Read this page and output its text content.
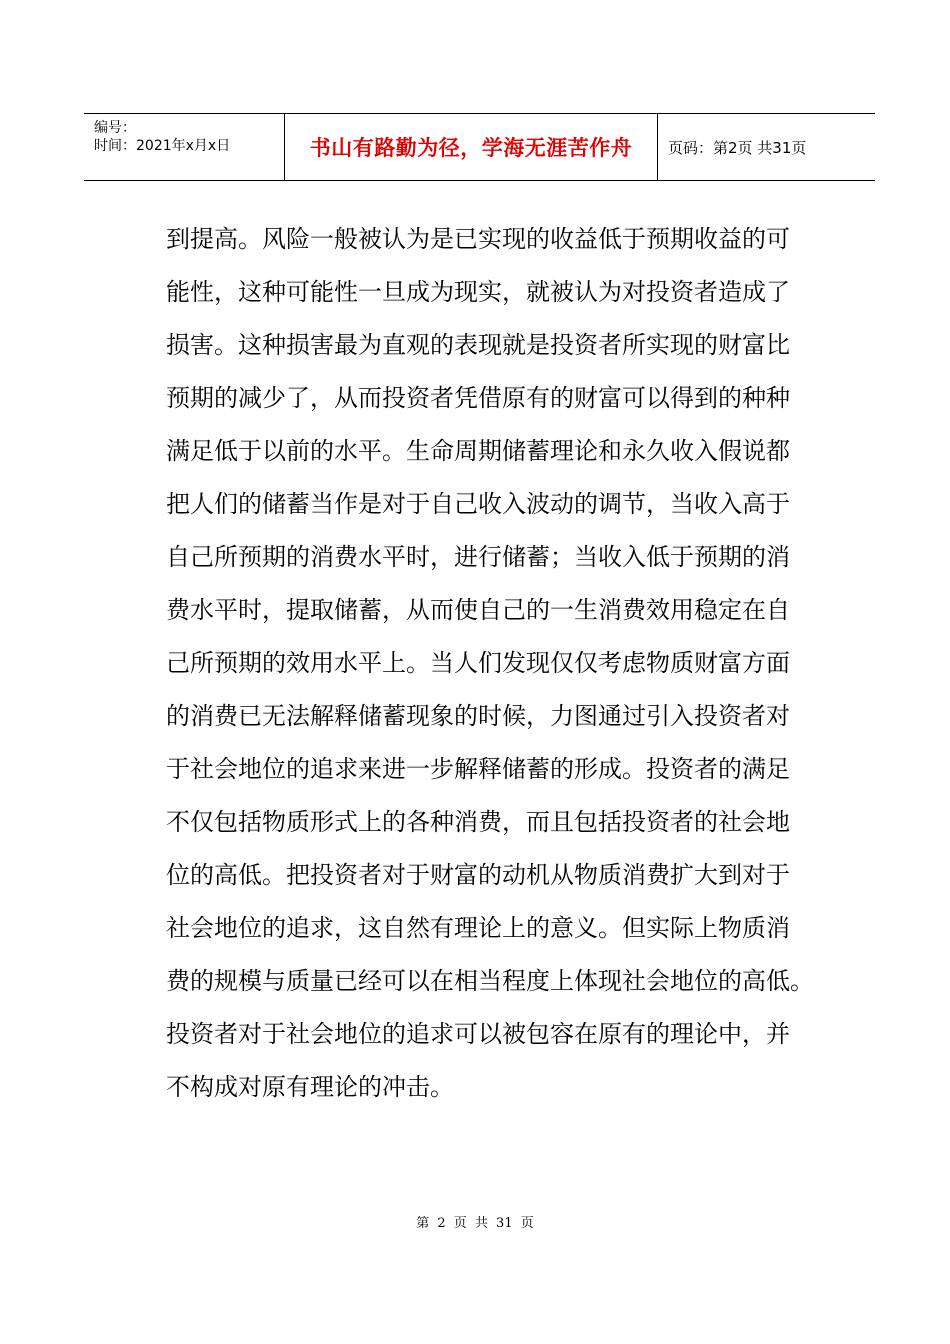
编号：
时间：2021年x月x日	书山有路勤为径，学海无涯苦作舟	页码：第2页 共31页
到提高。风险一般被认为是已实现的收益低于预期收益的可
能性，这种可能性一旦成为现实，就被认为对投资者造成了
损害。这种损害最为直观的表现就是投资者所实现的财富比
预期的减少了，从而投资者凭借原有的财富可以得到的种种
满足低于以前的水平。生命周期储蓄理论和永久收入假说都
把人们的储蓄当作是对于自己收入波动的调节，当收入高于
自己所预期的消费水平时，进行储蓄；当收入低于预期的消
费水平时，提取储蓄，从而使自己的一生消费效用稳定在自
己所预期的效用水平上。当人们发现仅仅考虑物质财富方面
的消费已无法解释储蓄现象的时候，力图通过引入投资者对
于社会地位的追求来进一步解释储蓄的形成。投资者的满足
不仅包括物质形式上的各种消费，而且包括投资者的社会地
位的高低。把投资者对于财富的动机从物质消费扩大到对于
社会地位的追求，这自然有理论上的意义。但实际上物质消
费的规模与质量已经可以在相当程度上体现社会地位的高低。
投资者对于社会地位的追求可以被包容在原有的理论中，并
不构成对原有理论的冲击。
第 2 页 共 31 页
